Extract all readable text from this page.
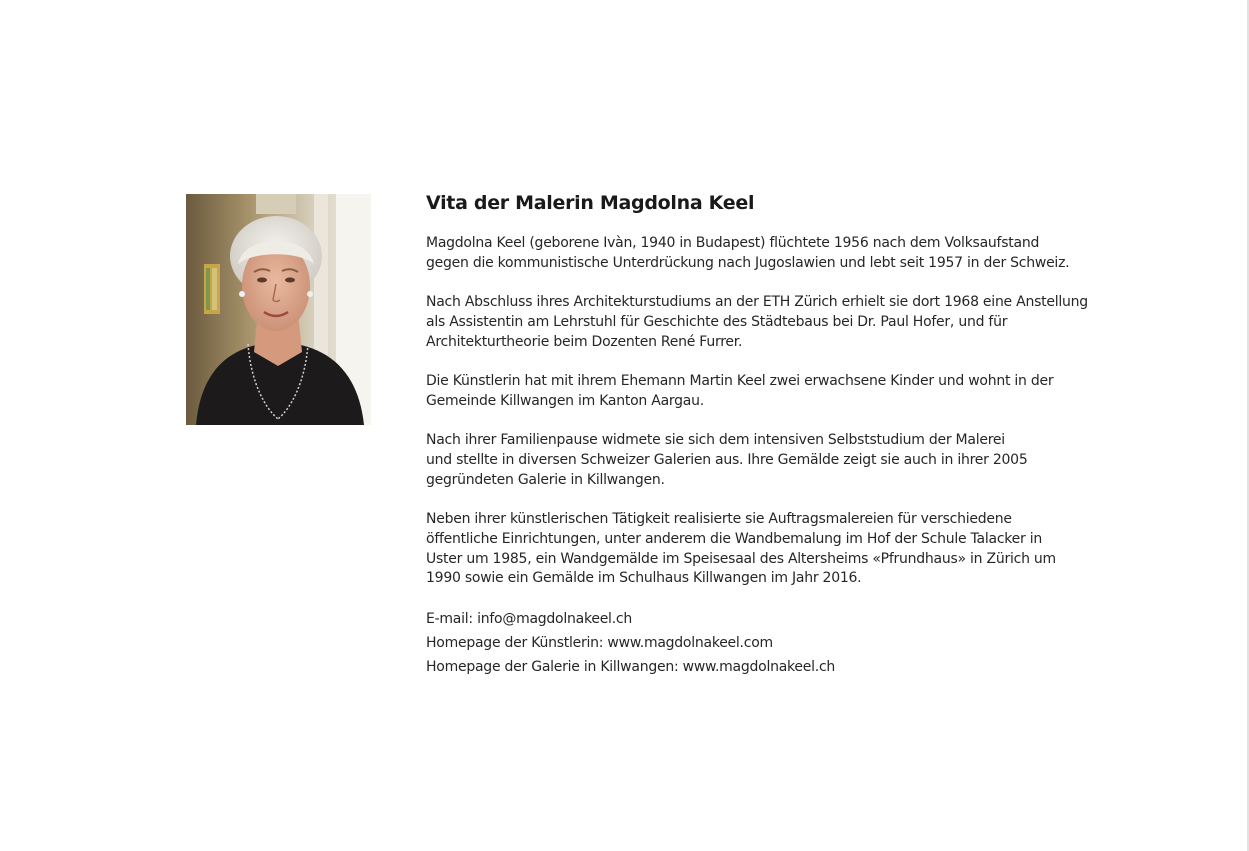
Vita der Malerin Magdolna Keel

Magdolna Keel (geborene Ivàn, 1940 in Budapest) flüchtete 1956 nach dem Volksaufstand
gegen die kommunistische Unterdrückung nach Jugoslawien und lebt seit 1957 in der Schweiz.

Nach Abschluss ihres Architekturstudiums an der ETH Zürich erhielt sie dort 1968 eine Anstellung
als Assistentin am Lehrstuhl für Geschichte des Städtebaus bei Dr. Paul Hofer, und für
Architekturtheorie beim Dozenten René Furrer.

Die Künstlerin hat mit ihrem Ehemann Martin Keel zwei erwachsene Kinder und wohnt in der
Gemeinde Killwangen im Kanton Aargau.

Nach ihrer Familienpause widmete sie sich dem intensiven Selbststudium der Malerei
und stellte in diversen Schweizer Galerien aus. Ihre Gemälde zeigt sie auch in ihrer 2005
gegründeten Galerie in Killwangen.

Neben ihrer künstlerischen Tätigkeit realisierte sie Auftragsmalereien für verschiedene
öffentliche Einrichtungen, unter anderem die Wandbemalung im Hof der Schule Talacker in
Uster um 1985, ein Wandgemälde im Speisesaal des Altersheims «Pfrundhaus» in Zürich um
1990 sowie ein Gemälde im Schulhaus Killwangen im Jahr 2016.

E-mail: info@magdolnakeel.ch
Homepage der Künstlerin: www.magdolnakeel.com
Homepage der Galerie in Killwangen: www.magdolnakeel.ch
